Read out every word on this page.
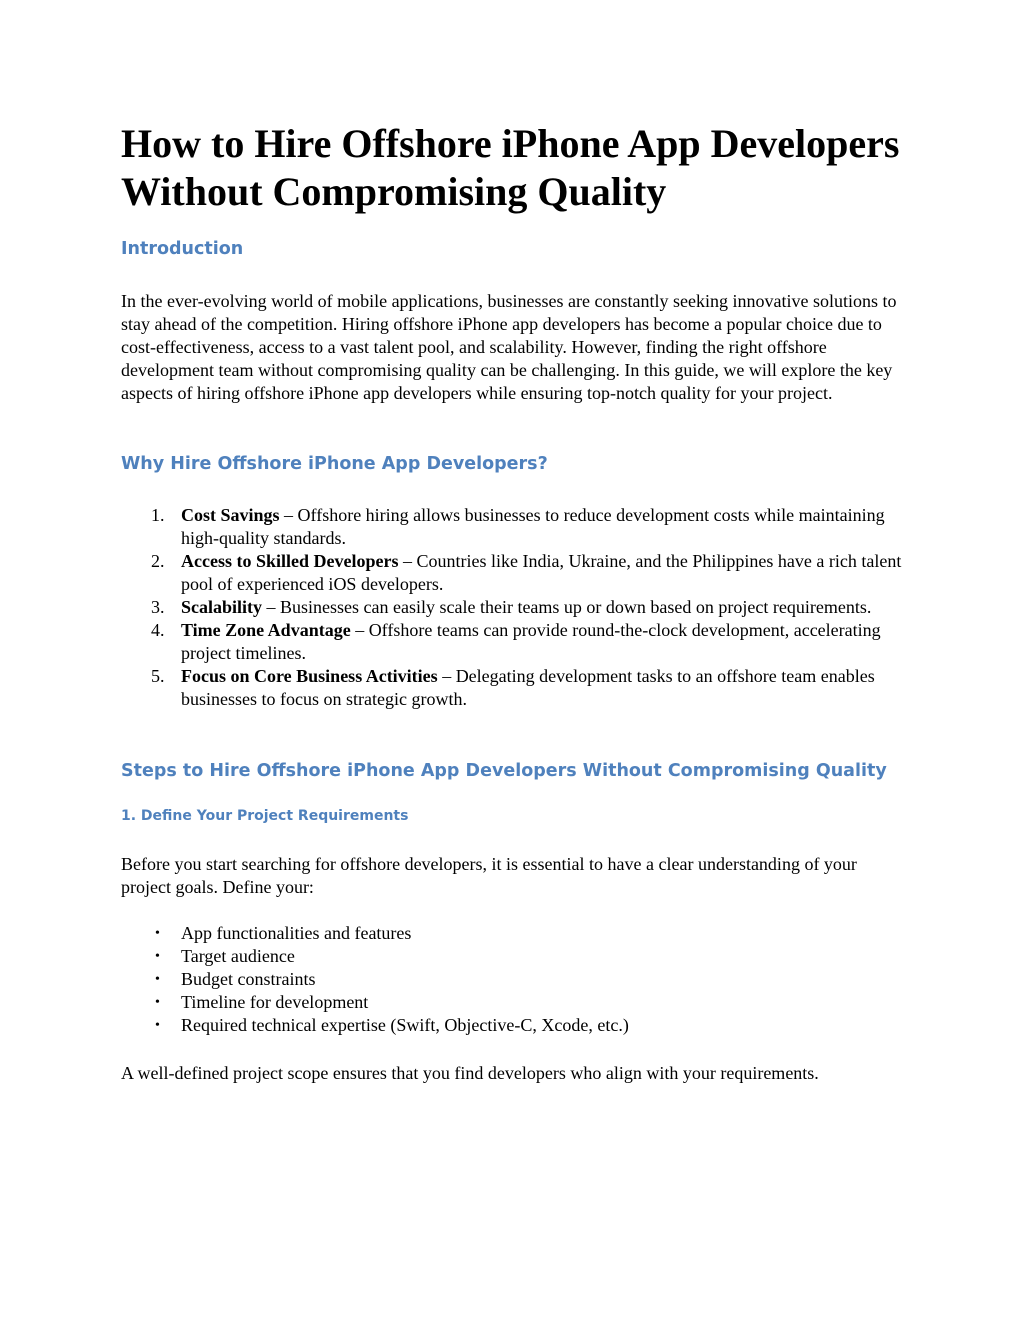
How to Hire Offshore iPhone App Developers Without Compromising Quality
Introduction

In the ever-evolving world of mobile applications, businesses are constantly seeking innovative solutions to stay ahead of the competition. Hiring offshore iPhone app developers has become a popular choice due to cost-effectiveness, access to a vast talent pool, and scalability. However, finding the right offshore development team without compromising quality can be challenging. In this guide, we will explore the key aspects of hiring offshore iPhone app developers while ensuring top-notch quality for your project.

Why Hire Offshore iPhone App Developers?
1. Cost Savings – Offshore hiring allows businesses to reduce development costs while maintaining high-quality standards.
2. Access to Skilled Developers – Countries like India, Ukraine, and the Philippines have a rich talent pool of experienced iOS developers.
3. Scalability – Businesses can easily scale their teams up or down based on project requirements.
4. Time Zone Advantage – Offshore teams can provide round-the-clock development, accelerating project timelines.
5. Focus on Core Business Activities – Delegating development tasks to an offshore team enables businesses to focus on strategic growth.
Steps to Hire Offshore iPhone App Developers Without Compromising Quality
1. Define Your Project Requirements

Before you start searching for offshore developers, it is essential to have a clear understanding of your project goals. Define your:

• App functionalities and features
• Target audience
• Budget constraints
• Timeline for development
• Required technical expertise (Swift, Objective-C, Xcode, etc.)

A well-defined project scope ensures that you find developers who align with your requirements.
